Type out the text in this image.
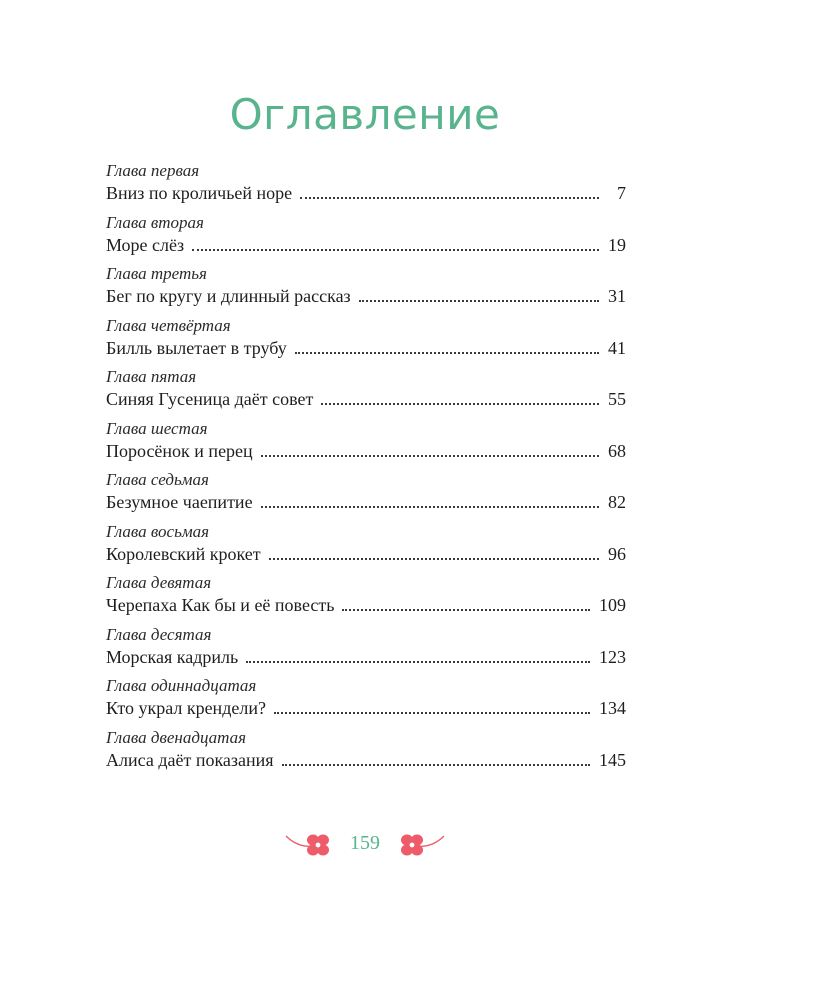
Оглавление
Глава первая
Вниз по кроличьей норе	7
Глава вторая
Море слёз	19
Глава третья
Бег по кругу и длинный рассказ	31
Глава четвёртая
Билль вылетает в трубу	41
Глава пятая
Синяя Гусеница даёт совет	55
Глава шестая
Поросёнок и перец	68
Глава седьмая
Безумное чаепитие	82
Глава восьмая
Королевский крокет	96
Глава девятая
Черепаха Как бы и её повесть	109
Глава десятая
Морская кадриль	123
Глава одиннадцатая
Кто украл крендели?	134
Глава двенадцатая
Алиса даёт показания	145
159
